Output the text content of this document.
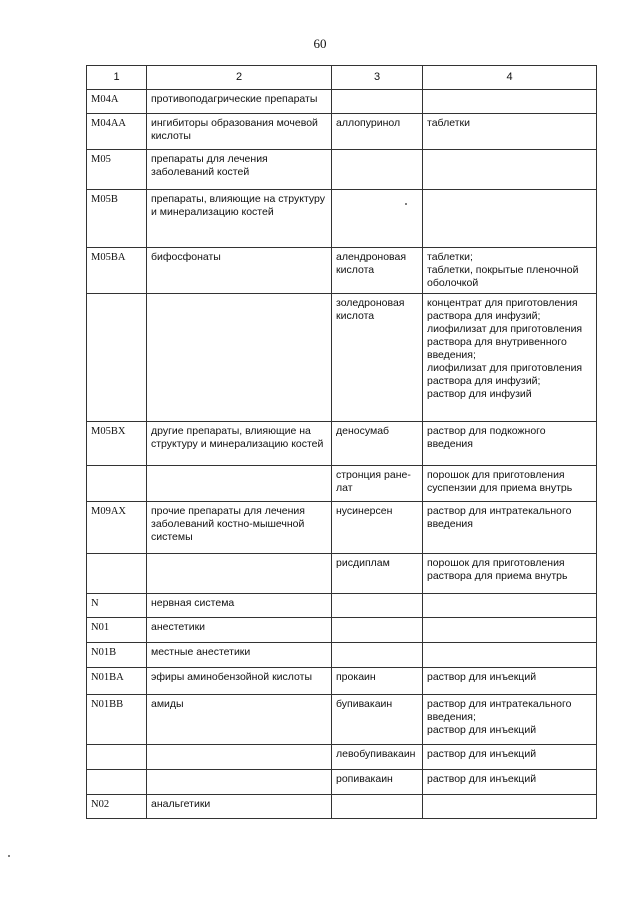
60
1	2	3	4
M04A	противоподагрические препараты		
M04AA	ингибиторы образования мочевой кислоты	аллопуринол	таблетки
M05	препараты для лечения заболеваний костей		
M05B	препараты, влияющие на структуру и минерализацию костей		
M05BA	бифосфонаты	алендроновая кислота	таблетки;
таблетки, покрытые пленочной оболочкой
		золедроновая кислота	концентрат для приготовления раствора для инфузий;
лиофилизат для приготовления раствора для внутривенного введения;
лиофилизат для приготовления раствора для инфузий;
раствор для инфузий
M05BX	другие препараты, влияющие на структуру и минерализацию костей	деносумаб	раствор для подкожного введения
		стронция ране-
лат	порошок для приготовления суспензии для приема внутрь
M09AX	прочие препараты для лечения заболеваний костно-мышечной системы	нусинерсен	раствор для интратекального введения
		рисдиплам	порошок для приготовления раствора для приема внутрь
N	нервная система		
N01	анестетики		
N01B	местные анестетики		
N01BA	эфиры аминобензойной кислоты	прокаин	раствор для инъекций
N01BB	амиды	бупивакаин	раствор для интратекального введения;
раствор для инъекций
		левобупивакаин	раствор для инъекций
		ропивакаин	раствор для инъекций
N02	анальгетики		
